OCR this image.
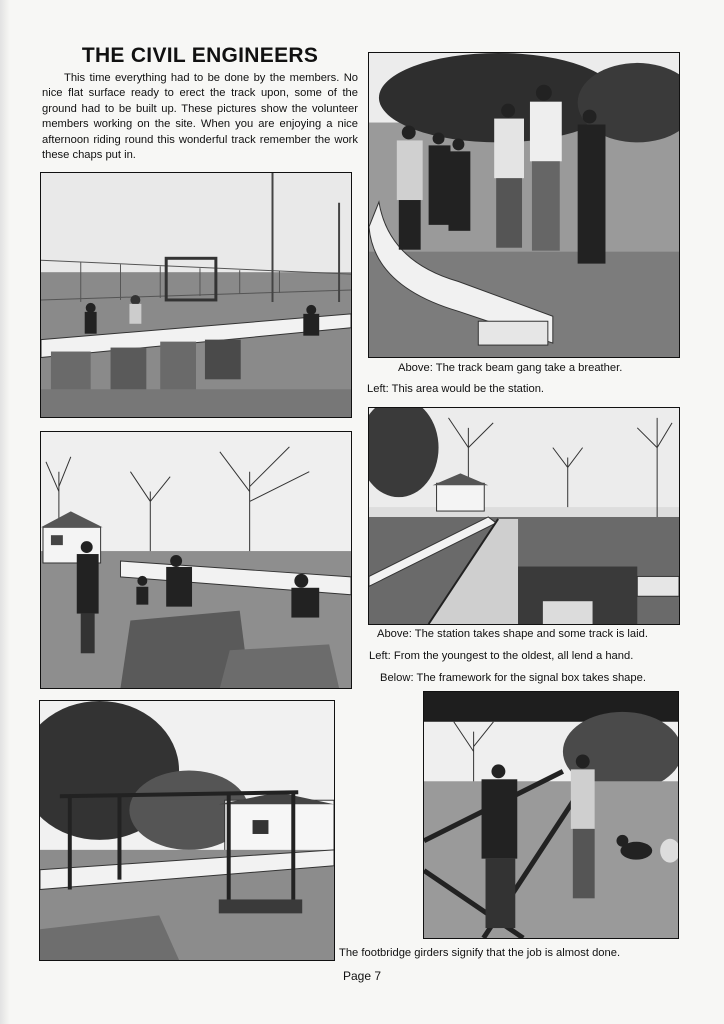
THE CIVIL ENGINEERS

This time everything had to be done by the members. No nice flat surface ready to erect the track upon, some of the ground had to be built up. These pictures show the volunteer members working on the site. When you are enjoying a nice afternoon riding round this wonderful track remember the work these chaps put in.

Above: The track beam gang take a breather.

Left: This area would be the station.

Above: The station takes shape and some track is laid.

Left: From the youngest to the oldest, all lend a hand.

Below: The framework for the signal box takes shape.

The footbridge girders signify that the job is almost done.

Page 7
